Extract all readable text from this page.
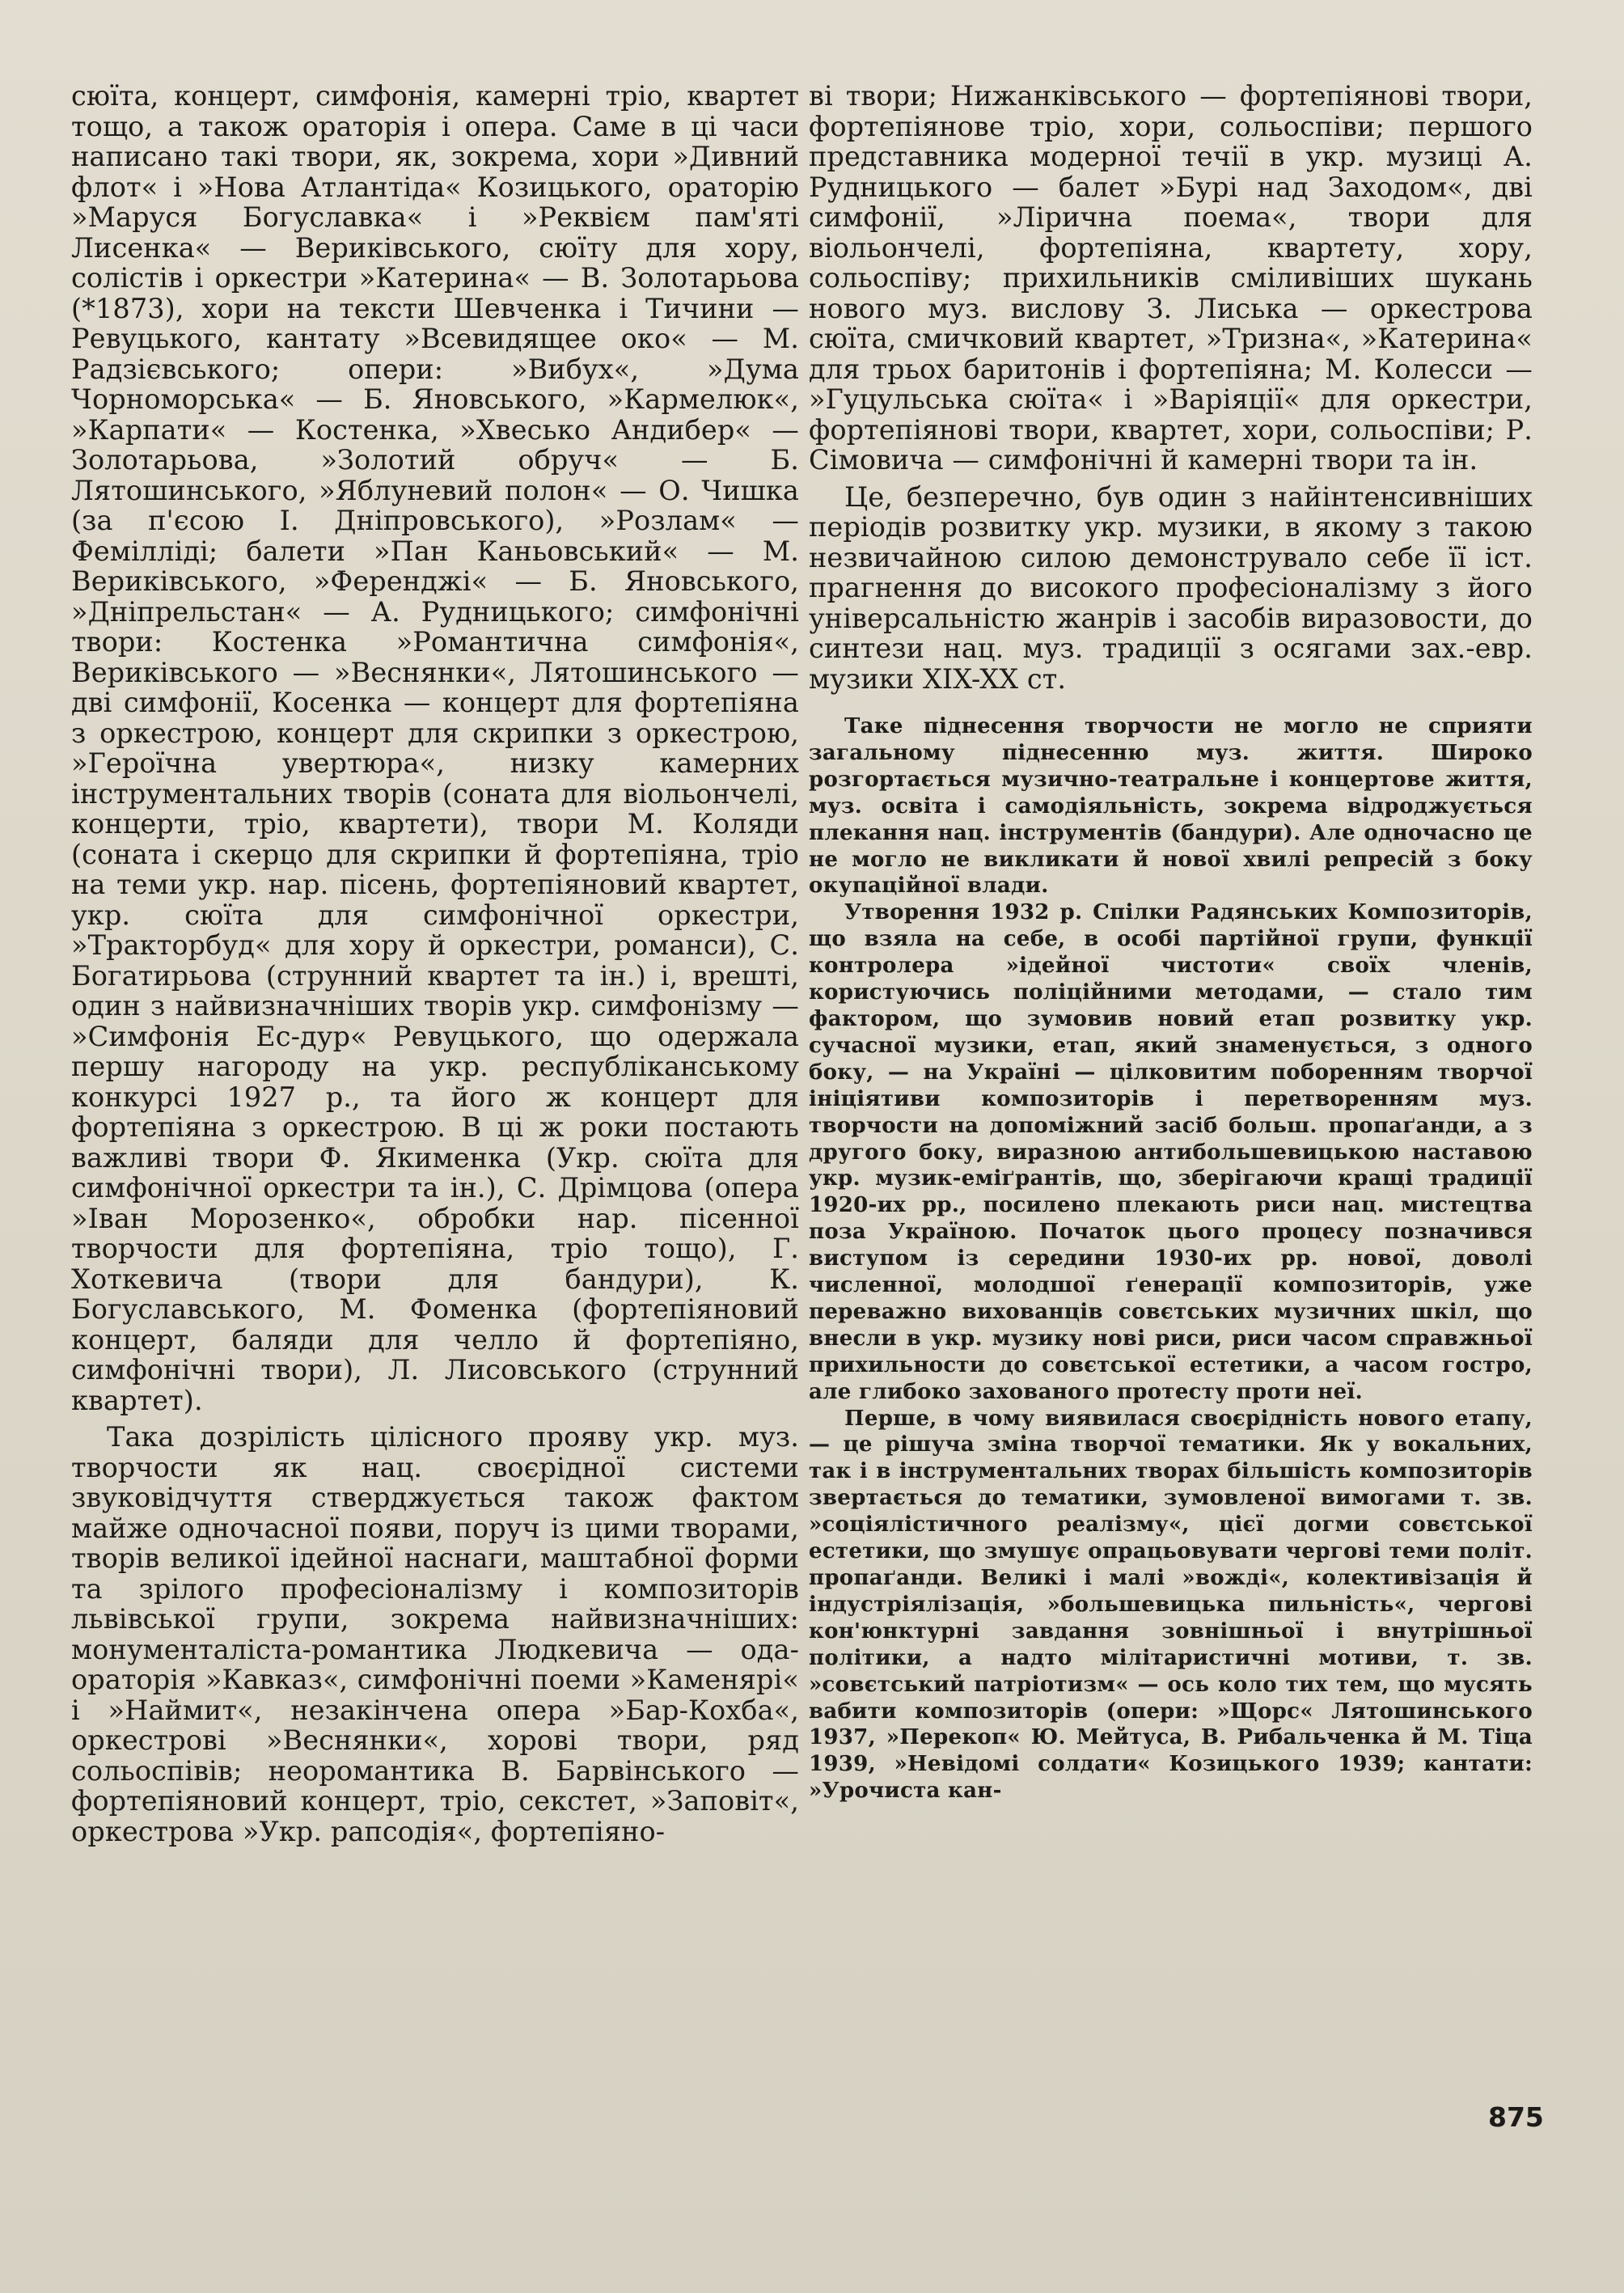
сюїта, концерт, симфонія, камерні тріо, квартет тощо, а також ораторія і опера. Саме в ці часи написано такі твори, як, зокрема, хори »Дивний флот« і »Нова Атлантіда« Козицького, ораторію »Маруся Богуславка« і »Реквієм пам'яті Лисенка« — Вериківського, сюїту для хору, солістів і оркестри »Катерина« — В. Золотарьова (*1873), хори на тексти Шевченка і Тичини — Ревуцького, кантату »Всевидящее око« — М. Радзієвського; опери: »Вибух«, »Дума Чорноморська« — Б. Яновського, »Кармелюк«, »Карпати« — Костенка, »Хвесько Андибер« — Золотарьова, »Золотий обруч« — Б. Лятошинського, »Яблуневий полон« — О. Чишка (за п'єсою І. Дніпровського), »Розлам« — Фемілліді; балети »Пан Каньовський« — М. Вериківського, »Ференджі« — Б. Яновського, »Дніпрельстан« — А. Рудницького; симфонічні твори: Костенка »Романтична симфонія«, Вериківського — »Веснянки«, Лятошинського — дві симфонії, Косенка — концерт для фортепіяна з оркестрою, концерт для скрипки з оркестрою, »Героїчна увертюра«, низку камерних інструментальних творів (соната для віольончелі, концерти, тріо, квартети), твори М. Коляди (соната і скерцо для скрипки й фортепіяна, тріо на теми укр. нар. пісень, фортепіяновий квартет, укр. сюїта для симфонічної оркестри, »Тракторбуд« для хору й оркестри, романси), С. Богатирьова (струнний квартет та ін.) і, врешті, один з найвизначніших творів укр. симфонізму — »Симфонія Ес-дур« Ревуцького, що одержала першу нагороду на укр. республіканському конкурсі 1927 р., та його ж концерт для фортепіяна з оркестрою. В ці ж роки постають важливі твори Ф. Якименка (Укр. сюїта для симфонічної оркестри та ін.), С. Дрімцова (опера »Іван Морозенко«, обробки нар. пісенної творчости для фортепіяна, тріо тощо), Г. Хоткевича (твори для бандури), К. Богуславського, М. Фоменка (фортепіяновий концерт, баляди для челло й фортепіяно, симфонічні твори), Л. Лисовського (струнний квартет).

Така дозрілість цілісного прояву укр. муз. творчости як нац. своєрідної системи звуковідчуття стверджується також фактом майже одночасної появи, поруч із цими творами, творів великої ідейної наснаги, маштабної форми та зрілого професіоналізму і композиторів львівської групи, зокрема найвизначніших: монументаліста-романтика Людкевича — ода-ораторія »Кавказ«, симфонічні поеми »Каменярі« і »Наймит«, незакінчена опера »Бар-Кохба«, оркестрові »Веснянки«, хорові твори, ряд сольоспівів; неоромантика В. Барвінського — фортепіяновий концерт, тріо, секстет, »Заповіт«, оркестрова »Укр. рапсодія«, фортепіяно-

ві твори; Нижанківського — фортепіянові твори, фортепіянове тріо, хори, сольоспіви; першого представника модерної течії в укр. музиці А. Рудницького — балет »Бурі над Заходом«, дві симфонії, »Лірична поема«, твори для віольончелі, фортепіяна, квартету, хору, сольоспіву; прихильників сміливіших шукань нового муз. вислову З. Лиська — оркестрова сюїта, смичковий квартет, »Тризна«, »Катерина« для трьох баритонів і фортепіяна; М. Колесси — »Гуцульська сюїта« і »Варіяції« для оркестри, фортепіянові твори, квартет, хори, сольоспіви; Р. Сімовича — симфонічні й камерні твори та ін.

Це, безперечно, був один з найінтенсивніших періодів розвитку укр. музики, в якому з такою незвичайною силою демонструвало себе її іст. прагнення до високого професіоналізму з його універсальністю жанрів і засобів виразовости, до синтези нац. муз. традиції з осягами зах.-евр. музики XIX-XX ст.

Таке піднесення творчости не могло не сприяти загальному піднесенню муз. життя. Широко розгортається музично-театральне і концертове життя, муз. освіта і самодіяльність, зокрема відроджується плекання нац. інструментів (бандури). Але одночасно це не могло не викликати й нової хвилі репресій з боку окупаційної влади.

Утворення 1932 р. Спілки Радянських Композиторів, що взяла на себе, в особі партійної групи, функції контролера »ідейної чистоти« своїх членів, користуючись поліційними методами, — стало тим фактором, що зумовив новий етап розвитку укр. сучасної музики, етап, який знаменується, з одного боку, — на Україні — цілковитим поборенням творчої ініціятиви композиторів і перетворенням муз. творчости на допоміжний засіб больш. пропаґанди, а з другого боку, виразною антибольшевицькою наставою укр. музик-еміґрантів, що, зберігаючи кращі традиції 1920-их рр., посилено плекають риси нац. мистецтва поза Україною. Початок цього процесу позначився виступом із середини 1930-их рр. нової, доволі численної, молодшої ґенерації композиторів, уже переважно вихованців совєтських музичних шкіл, що внесли в укр. музику нові риси, риси часом справжньої прихильности до совєтської естетики, а часом гостро, але глибоко захованого протесту проти неї.

Перше, в чому виявилася своєрідність нового етапу, — це рішуча зміна творчої тематики. Як у вокальних, так і в інструментальних творах більшість композиторів звертається до тематики, зумовленої вимогами т. зв. »соціялістичного реалізму«, цієї догми совєтської естетики, що змушує опрацьовувати чергові теми політ. пропаґанди. Великі і малі »вожді«, колективізація й індустріялізація, »большевицька пильність«, чергові кон'юнктурні завдання зовнішньої і внутрішньої політики, а надто мілітаристичні мотиви, т. зв. »совєтський патріотизм« — ось коло тих тем, що мусять вабити композиторів (опери: »Щорс« Лятошинського 1937, »Перекоп« Ю. Мейтуса, В. Рибальченка й М. Тіца 1939, »Невідомі солдати« Козицького 1939; кантати: »Урочиста кан-

875
